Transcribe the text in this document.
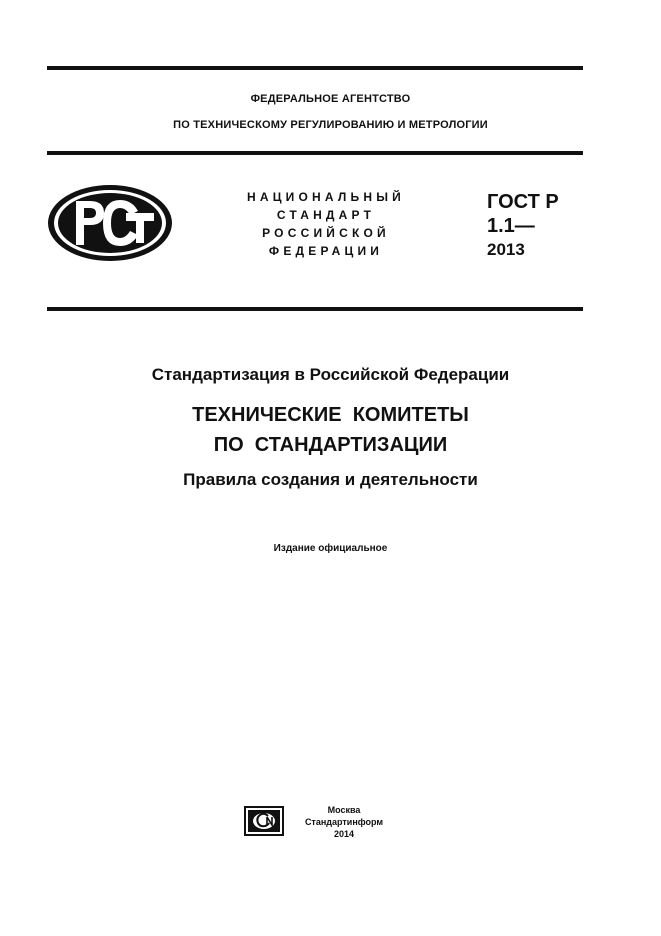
ФЕДЕРАЛЬНОЕ АГЕНТСТВО
ПО ТЕХНИЧЕСКОМУ РЕГУЛИРОВАНИЮ И МЕТРОЛОГИИ
НАЦИОНАЛЬНЫЙ
СТАНДАРТ
РОССИЙСКОЙ
ФЕДЕРАЦИИ
ГОСТ Р
1.1—
2013
Стандартизация в Российской Федерации
ТЕХНИЧЕСКИЕ  КОМИТЕТЫ
ПО  СТАНДАРТИЗАЦИИ
Правила создания и деятельности
Издание официальное
Москва
Стандартинформ
2014
